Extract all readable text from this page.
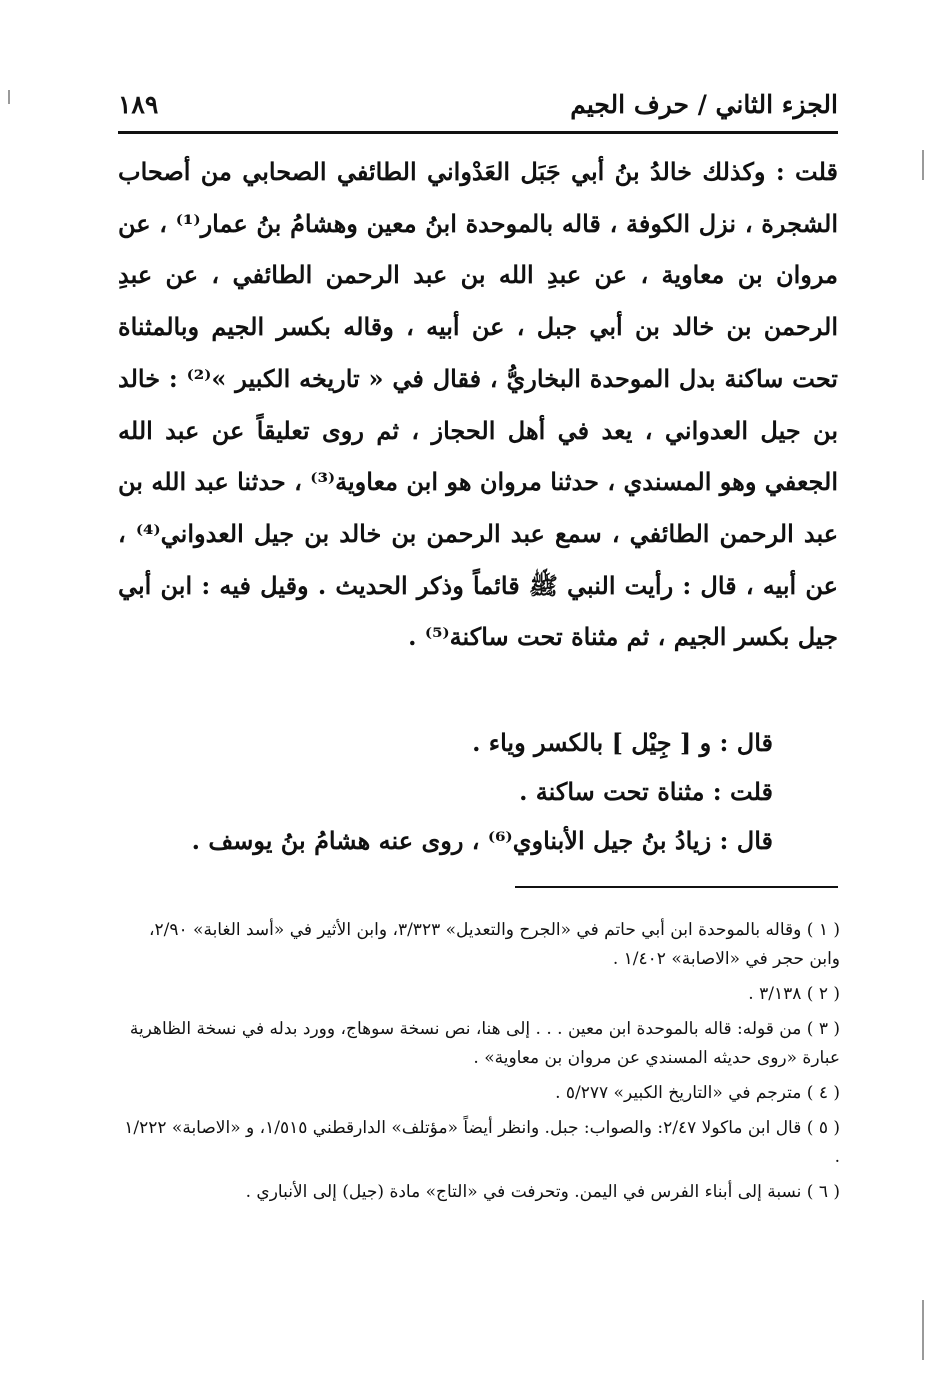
الجزء الثاني / حرف الجيم
١٨٩

قلت : وكذلك خالدُ بنُ أبي جَبَل العَدْواني الطائفي الصحابي من أصحاب الشجرة ، نزل الكوفة ، قاله بالموحدة ابنُ معين وهشامُ بنُ عمار⁽¹⁾ ، عن مروان بن معاوية ، عن عبدِ الله بن عبد الرحمن الطائفي ، عن عبدِ الرحمن بن خالد بن أبي جبل ، عن أبيه ، وقاله بكسر الجيم وبالمثناة تحت ساكنة بدل الموحدة البخاريُّ ، فقال في « تاريخه الكبير »⁽²⁾ : خالد بن جيل العدواني ، يعد في أهل الحجاز ، ثم روى تعليقاً عن عبد الله الجعفي وهو المسندي ، حدثنا مروان هو ابن معاوية⁽³⁾ ، حدثنا عبد الله بن عبد الرحمن الطائفي ، سمع عبد الرحمن بن خالد بن جيل العدواني⁽⁴⁾ ، عن أبيه ، قال : رأيت النبي ﷺ قائماً وذكر الحديث . وقيل فيه : ابن أبي جيل بكسر الجيم ، ثم مثناة تحت ساكنة⁽⁵⁾ .

قال : و [ جِيْل ] بالكسر وياء .

قلت : مثناة تحت ساكنة .

قال : زيادُ بنُ جيل الأبناوي⁽⁶⁾ ، روى عنه هشامُ بنُ يوسف .

( ١ ) وقاله بالموحدة ابن أبي حاتم في «الجرح والتعديل» ٣/٣٢٣، وابن الأثير في «أسد الغابة» ٢/٩٠، وابن حجر في «الاصابة» ١/٤٠٢ .

( ٢ ) ٣/١٣٨ .

( ٣ ) من قوله: قاله بالموحدة ابن معين . . . إلى هنا، نص نسخة سوهاج، وورد بدله في نسخة الظاهرية عبارة «روى حديثه المسندي عن مروان بن معاوية» .

( ٤ ) مترجم في «التاريخ الكبير» ٥/٢٧٧ .

( ٥ ) قال ابن ماكولا ٢/٤٧: والصواب: جبل. وانظر أيضاً «مؤتلف» الدارقطني ١/٥١٥، و «الاصابة» ١/٢٢٢ .

( ٦ ) نسبة إلى أبناء الفرس في اليمن. وتحرفت في «التاج» مادة (جيل) إلى الأنباري .
